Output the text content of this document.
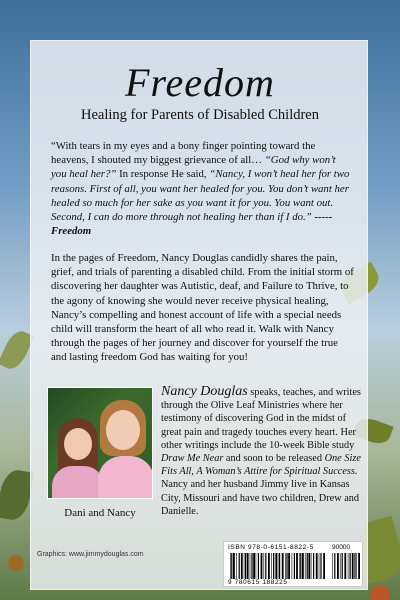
Freedom
Healing for Parents of Disabled Children
“With tears in my eyes and a bony finger pointing toward the heavens, I shouted my biggest grievance of all… “God why won’t you heal her?” In response He said, “Nancy, I won’t heal her for two reasons. First of all, you want her healed for you. You don’t want her healed so much for her sake as you want it for you. You want out. Second, I can do more through not healing her than if I do.” ----- Freedom
In the pages of Freedom, Nancy Douglas candidly shares the pain, grief, and trials of parenting a disabled child. From the initial storm of discovering her daughter was Autistic, deaf, and Failure to Thrive, to the agony of knowing she would never receive physical healing, Nancy’s compelling and honest account of life with a special needs child will transform the heart of all who read it. Walk with Nancy through the pages of her journey and discover for yourself the true and lasting freedom God has waiting for you!
Dani and Nancy
Nancy Douglas speaks, teaches, and writes through the Olive Leaf Ministries where her testimony of discovering God in the midst of great pain and tragedy touches every heart. Her other writings include the 10-week Bible study Draw Me Near and soon to be released One Size Fits All, A Woman’s Attire for Spiritual Success. Nancy and her husband Jimmy live in Kansas City, Missouri and have two children, Drew and Danielle.
Graphics: www.jimmydouglas.com
ISBN 978-0-6151-8822-5	90000
9 780615 188225
